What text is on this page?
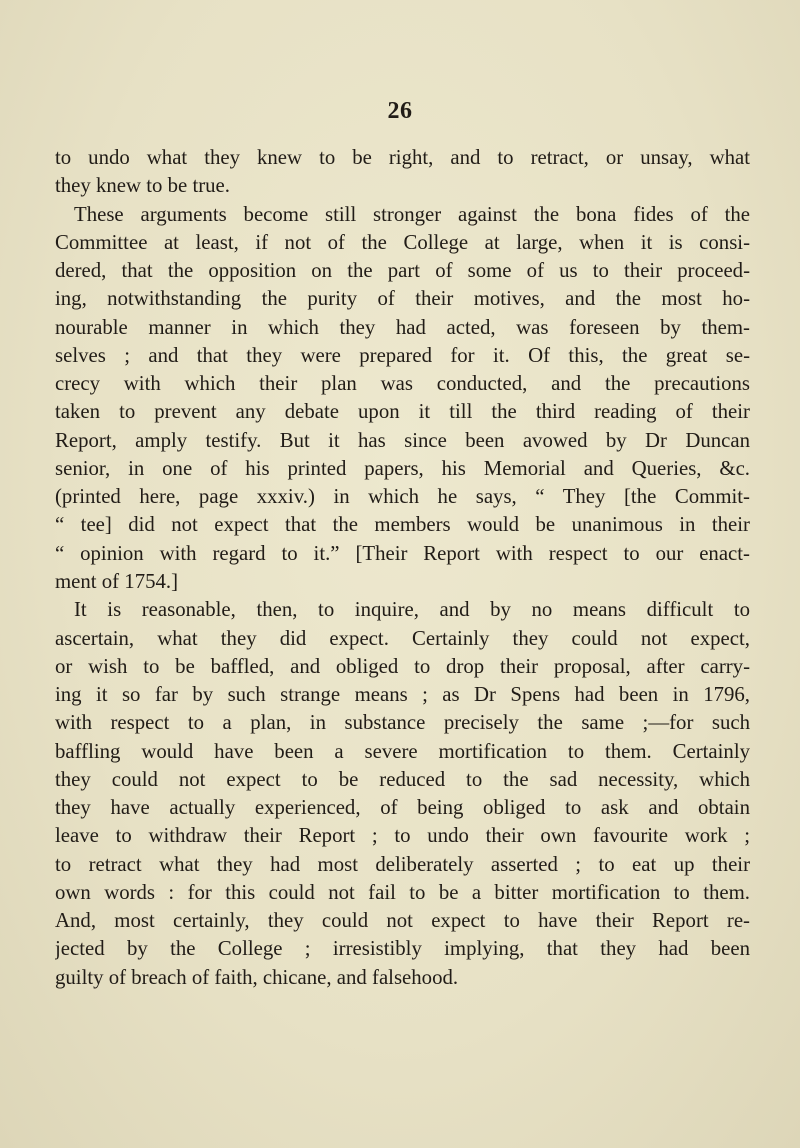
26
to undo what they knew to be right, and to retract, or unsay, what
they knew to be true.
These arguments become still stronger against the bona fides of the
Committee at least, if not of the College at large, when it is consi-
dered, that the opposition on the part of some of us to their proceed-
ing, notwithstanding the purity of their motives, and the most ho-
nourable manner in which they had acted, was foreseen by them-
selves ; and that they were prepared for it. Of this, the great se-
crecy with which their plan was conducted, and the precautions
taken to prevent any debate upon it till the third reading of their
Report, amply testify. But it has since been avowed by Dr Duncan
senior, in one of his printed papers, his Memorial and Queries, &c.
(printed here, page xxxiv.) in which he says, “ They [the Commit-
“ tee] did not expect that the members would be unanimous in their
“ opinion with regard to it.” [Their Report with respect to our enact-
ment of 1754.]
It is reasonable, then, to inquire, and by no means difficult to
ascertain, what they did expect. Certainly they could not expect,
or wish to be baffled, and obliged to drop their proposal, after carry-
ing it so far by such strange means ; as Dr Spens had been in 1796,
with respect to a plan, in substance precisely the same ;—for such
baffling would have been a severe mortification to them. Certainly
they could not expect to be reduced to the sad necessity, which
they have actually experienced, of being obliged to ask and obtain
leave to withdraw their Report ; to undo their own favourite work ;
to retract what they had most deliberately asserted ; to eat up their
own words : for this could not fail to be a bitter mortification to them.
And, most certainly, they could not expect to have their Report re-
jected by the College ; irresistibly implying, that they had been
guilty of breach of faith, chicane, and falsehood.
